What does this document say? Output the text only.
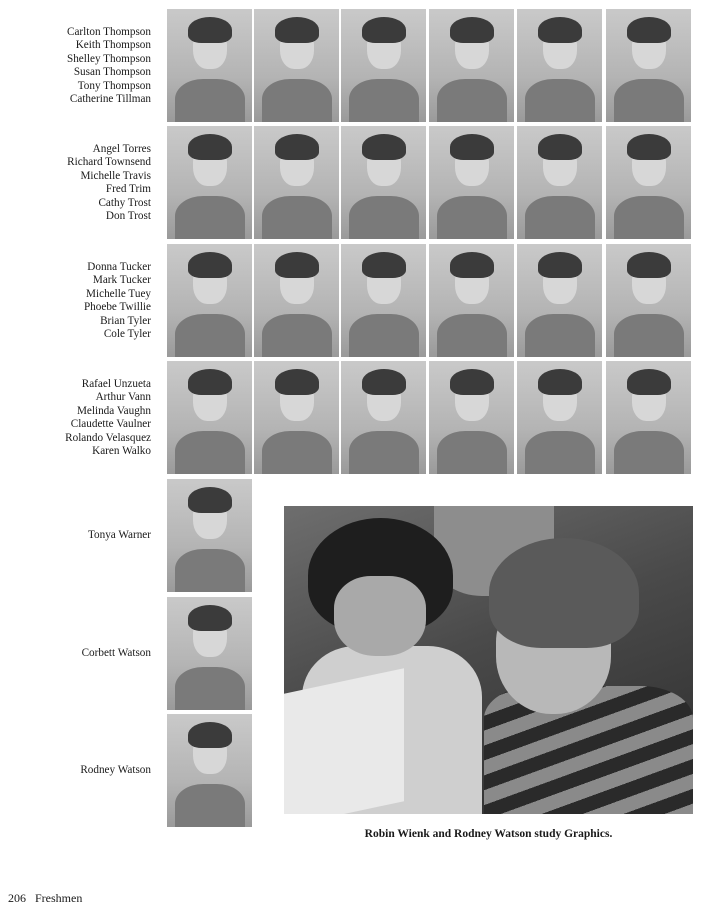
Carlton Thompson
Keith Thompson
Shelley Thompson
Susan Thompson
Tony Thompson
Catherine Tillman
Angel Torres
Richard Townsend
Michelle Travis
Fred Trim
Cathy Trost
Don Trost
Donna Tucker
Mark Tucker
Michelle Tuey
Phoebe Twillie
Brian Tyler
Cole Tyler
Rafael Unzueta
Arthur Vann
Melinda Vaughn
Claudette Vaulner
Rolando Velasquez
Karen Walko
Tonya Warner
Corbett Watson
Rodney Watson
Robin Wienk and Rodney Watson study Graphics.
206 Freshmen
